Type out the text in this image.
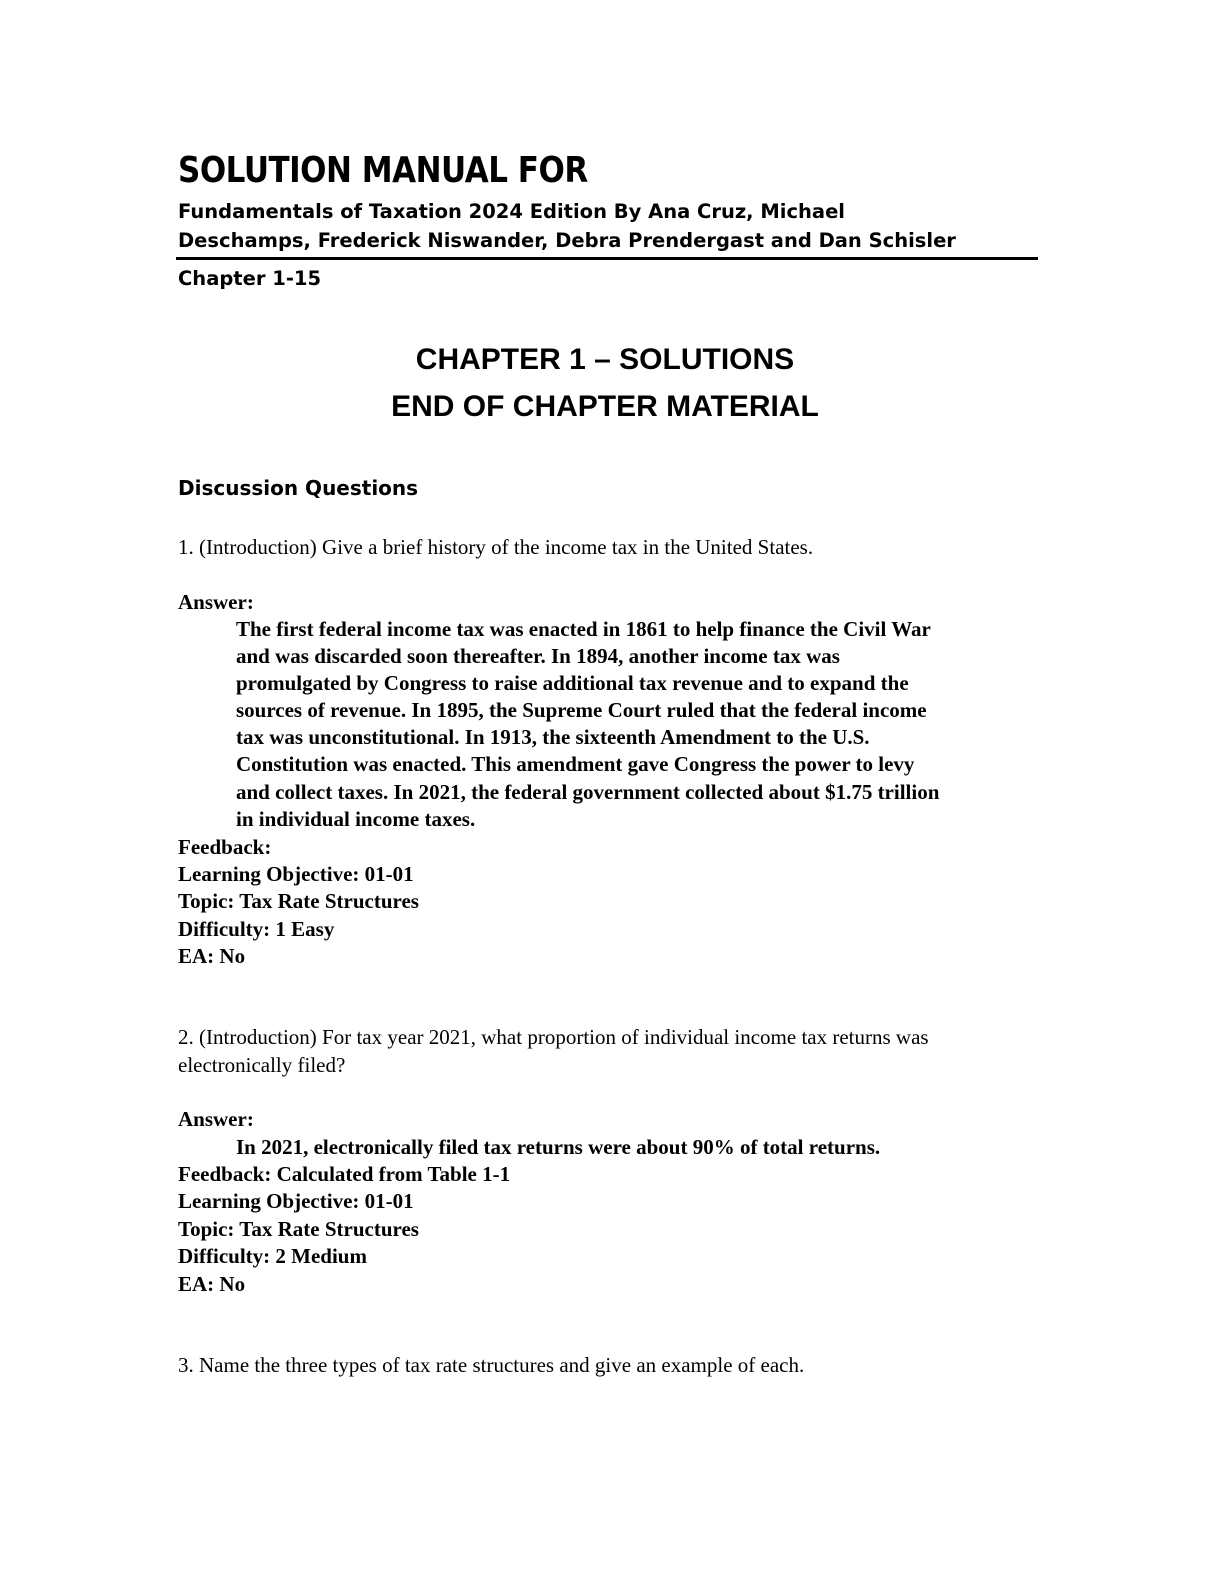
SOLUTION MANUAL FOR
Fundamentals of Taxation 2024 Edition By Ana Cruz, Michael
Deschamps, Frederick Niswander, Debra Prendergast and Dan Schisler
Chapter 1-15
CHAPTER 1 – SOLUTIONS
END OF CHAPTER MATERIAL
Discussion Questions
1. (Introduction) Give a brief history of the income tax in the United States.
Answer:
The first federal income tax was enacted in 1861 to help finance the Civil War
and was discarded soon thereafter. In 1894, another income tax was
promulgated by Congress to raise additional tax revenue and to expand the
sources of revenue. In 1895, the Supreme Court ruled that the federal income
tax was unconstitutional. In 1913, the sixteenth Amendment to the U.S.
Constitution was enacted. This amendment gave Congress the power to levy
and collect taxes. In 2021, the federal government collected about $1.75 trillion
in individual income taxes.
Feedback:
Learning Objective: 01-01
Topic: Tax Rate Structures
Difficulty: 1 Easy
EA: No
2. (Introduction) For tax year 2021, what proportion of individual income tax returns was
electronically filed?
Answer:
In 2021, electronically filed tax returns were about 90% of total returns.
Feedback: Calculated from Table 1-1
Learning Objective: 01-01
Topic: Tax Rate Structures
Difficulty: 2 Medium
EA: No
3. Name the three types of tax rate structures and give an example of each.
